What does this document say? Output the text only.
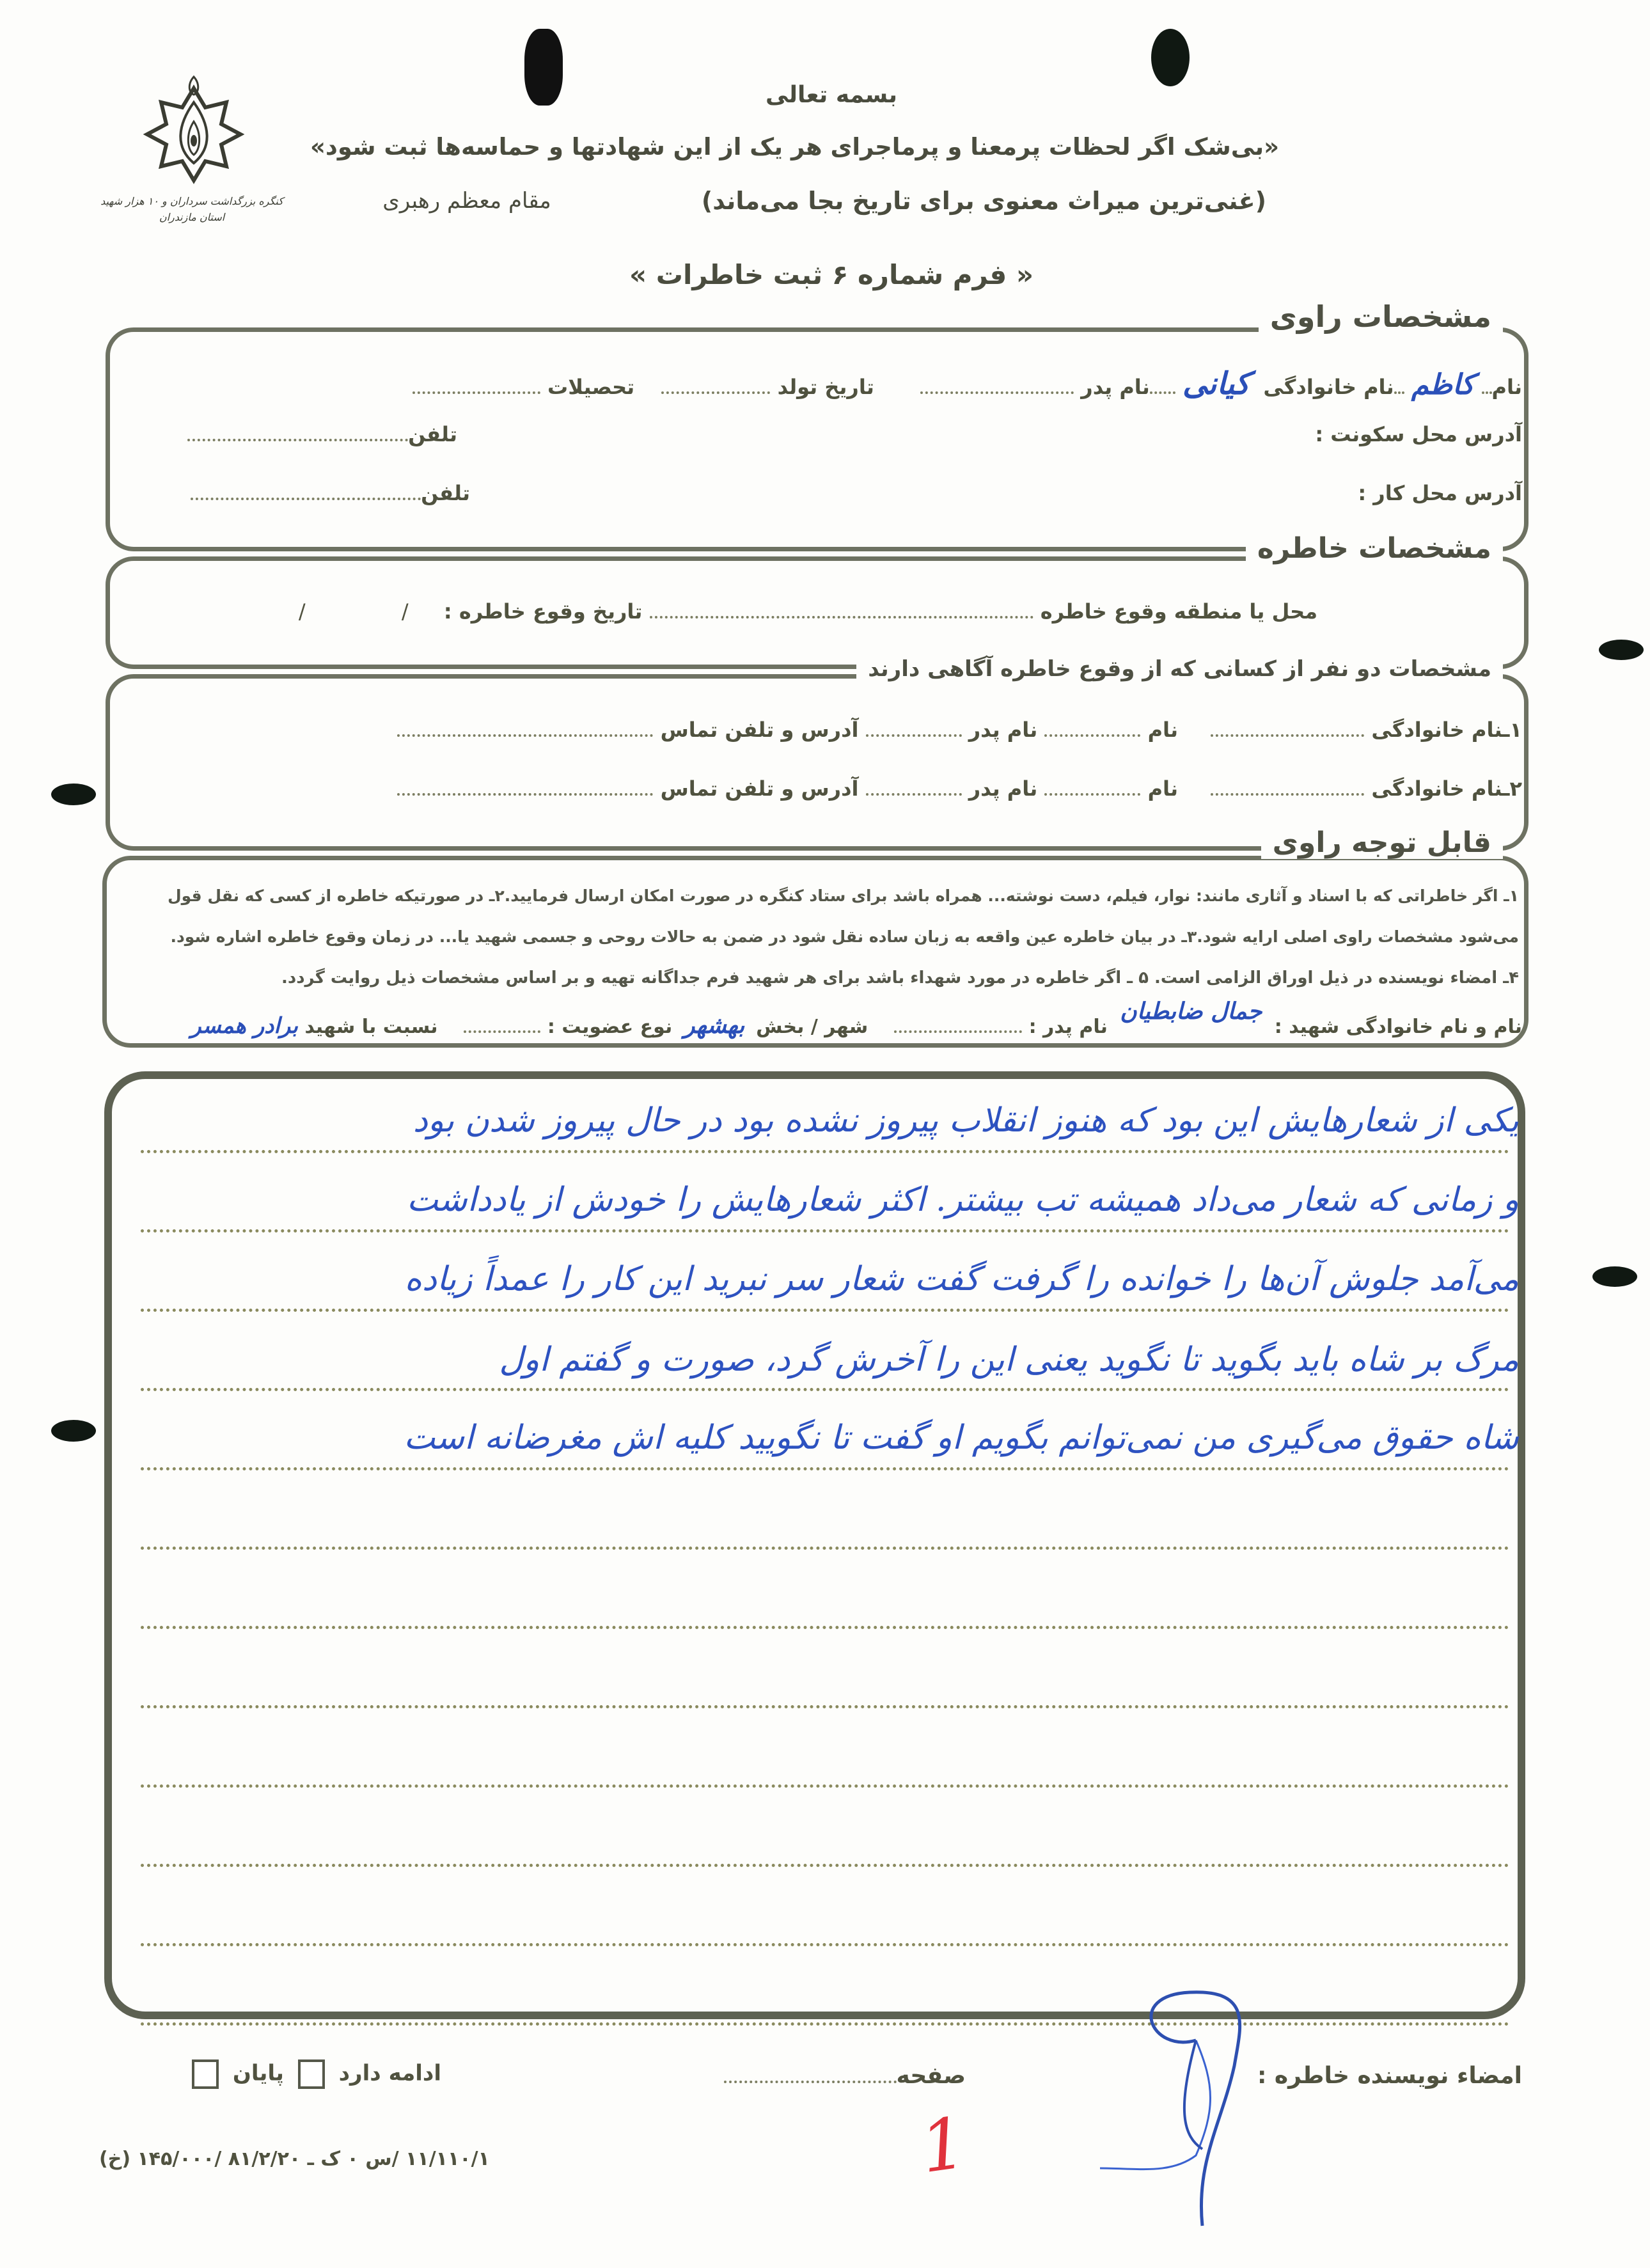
کنگره بزرگداشت سرداران و ۱۰ هزار شهید
استان مازندران
بسمه تعالی
«بی‌شک اگر لحظات پرمعنا و پرماجرای هر یک از این شهادتها و حماسه‌ها ثبت شود»
(غنی‌ترین میراث معنوی برای تاریخ بجا می‌ماند)
مقام معظم رهبری
« فرم شماره ۶ ثبت خاطرات »
مشخصات راوی
نام کاظم نام خانوادگی کیانی نام پدر   تاریخ تولد   تحصیلات
آدرس محل سکونت :
تلفن
آدرس محل کار :
تلفن
مشخصات خاطره
محل یا منطقه وقوع خاطره  تاریخ وقوع خاطره : / /
مشخصات دو نفر از کسانی که از وقوع خاطره آگاهی دارند
۱ـنام خانوادگی  نام  نام پدر  آدرس و تلفن تماس
۲ـنام خانوادگی  نام  نام پدر  آدرس و تلفن تماس
قابل توجه راوی
۱ـ اگر خاطراتی که با اسناد و آثاری مانند: نوار، فیلم، دست نوشته... همراه باشد برای ستاد کنگره در صورت امکان ارسال فرمایید.۲ـ در صورتیکه خاطره از کسی که نقل قول
می‌شود مشخصات راوی اصلی ارایه شود.۳ـ در بیان خاطره عین واقعه به زبان ساده نقل شود در ضمن به حالات روحی و جسمی شهید یا... در زمان وقوع خاطره اشاره شود.
۴ـ امضاء نویسنده در ذیل اوراق الزامی است. ۵ ـ اگر خاطره در مورد شهداء باشد برای هر شهید فرم جداگانه تهیه و بر اساس مشخصات ذیل روایت گردد.
نام و نام خانوادگی شهید : جمال ضابطیان نام پدر :   شهر / بخش بهشهر نوع عضویت :   نسبت با شهید برادر همسر
یکی از شعارهایش این بود که هنوز انقلاب پیروز نشده بود در حال پیروز شدن بود
و زمانی که شعار می‌داد همیشه تب بیشتر. اکثر شعارهایش را خودش از یادداشت
می‌آمد جلوش آن‌ها را خوانده را گرفت گفت شعار سر نبرید این کار را عمداً زیاده
مرگ بر شاه باید بگوید تا نگوید یعنی این را آخرش گرد، صورت و گفتم اول
شاه حقوق می‌گیری من نمی‌توانم بگویم او گفت تا نگویید کلیه اش مغرضانه است
امضاء نویسنده خاطره :
صفحه
1
ادامه دارد  پایان
۱۱/۱۱۰/۱ /س ۰ ک ـ ۸۱/۲/۲۰ /۱۴۵/۰۰۰ (خ)
